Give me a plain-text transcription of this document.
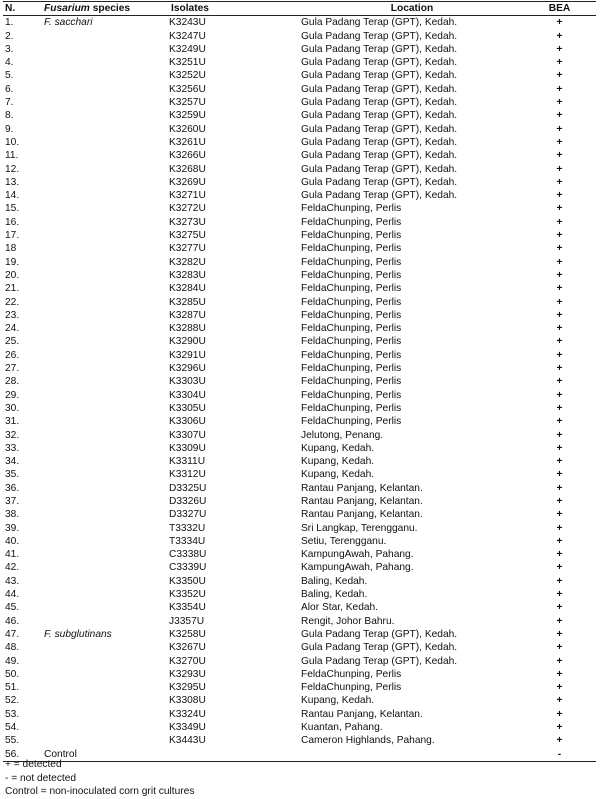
N.	Fusarium species	Isolates	Location	BEA
1.	F. sacchari	K3243U	Gula Padang Terap (GPT), Kedah.	+
2.		K3247U	Gula Padang Terap (GPT), Kedah.	+
3.		K3249U	Gula Padang Terap (GPT), Kedah.	+
4.		K3251U	Gula Padang Terap (GPT), Kedah.	+
5.		K3252U	Gula Padang Terap (GPT), Kedah.	+
6.		K3256U	Gula Padang Terap (GPT), Kedah.	+
7.		K3257U	Gula Padang Terap (GPT), Kedah.	+
8.		K3259U	Gula Padang Terap (GPT), Kedah.	+
9.		K3260U	Gula Padang Terap (GPT), Kedah.	+
10.		K3261U	Gula Padang Terap (GPT), Kedah.	+
11.		K3266U	Gula Padang Terap (GPT), Kedah.	+
12.		K3268U	Gula Padang Terap (GPT), Kedah.	+
13.		K3269U	Gula Padang Terap (GPT), Kedah.	+
14.		K3271U	Gula Padang Terap (GPT), Kedah.	+
15.		K3272U	FeldaChunping, Perlis	+
16.		K3273U	FeldaChunping, Perlis	+
17.		K3275U	FeldaChunping, Perlis	+
18		K3277U	FeldaChunping, Perlis	+
19.		K3282U	FeldaChunping, Perlis	+
20.		K3283U	FeldaChunping, Perlis	+
21.		K3284U	FeldaChunping, Perlis	+
22.		K3285U	FeldaChunping, Perlis	+
23.		K3287U	FeldaChunping, Perlis	+
24.		K3288U	FeldaChunping, Perlis	+
25.		K3290U	FeldaChunping, Perlis	+
26.		K3291U	FeldaChunping, Perlis	+
27.		K3296U	FeldaChunping, Perlis	+
28.		K3303U	FeldaChunping, Perlis	+
29.		K3304U	FeldaChunping, Perlis	+
30.		K3305U	FeldaChunping, Perlis	+
31.		K3306U	FeldaChunping, Perlis	+
32.		K3307U	Jelutong, Penang.	+
33.		K3309U	Kupang, Kedah.	+
34.		K3311U	Kupang, Kedah.	+
35.		K3312U	Kupang, Kedah.	+
36.		D3325U	Rantau Panjang, Kelantan.	+
37.		D3326U	Rantau Panjang, Kelantan.	+
38.		D3327U	Rantau Panjang, Kelantan.	+
39.		T3332U	Sri Langkap, Terengganu.	+
40.		T3334U	Setiu, Terengganu.	+
41.		C3338U	KampungAwah, Pahang.	+
42.		C3339U	KampungAwah, Pahang.	+
43.		K3350U	Baling, Kedah.	+
44.		K3352U	Baling, Kedah.	+
45.		K3354U	Alor Star, Kedah.	+
46.		J3357U	Rengit, Johor Bahru.	+
47.	F. subglutinans	K3258U	Gula Padang Terap (GPT), Kedah.	+
48.		K3267U	Gula Padang Terap (GPT), Kedah.	+
49.		K3270U	Gula Padang Terap (GPT), Kedah.	+
50.		K3293U	FeldaChunping, Perlis	+
51.		K3295U	FeldaChunping, Perlis	+
52.		K3308U	Kupang, Kedah.	+
53.		K3324U	Rantau Panjang, Kelantan.	+
54.		K3349U	Kuantan, Pahang.	+
55.		K3443U	Cameron Highlands, Pahang.	+
56.	Control			-
+ = detected
- = not detected
Control = non-inoculated corn grit cultures
